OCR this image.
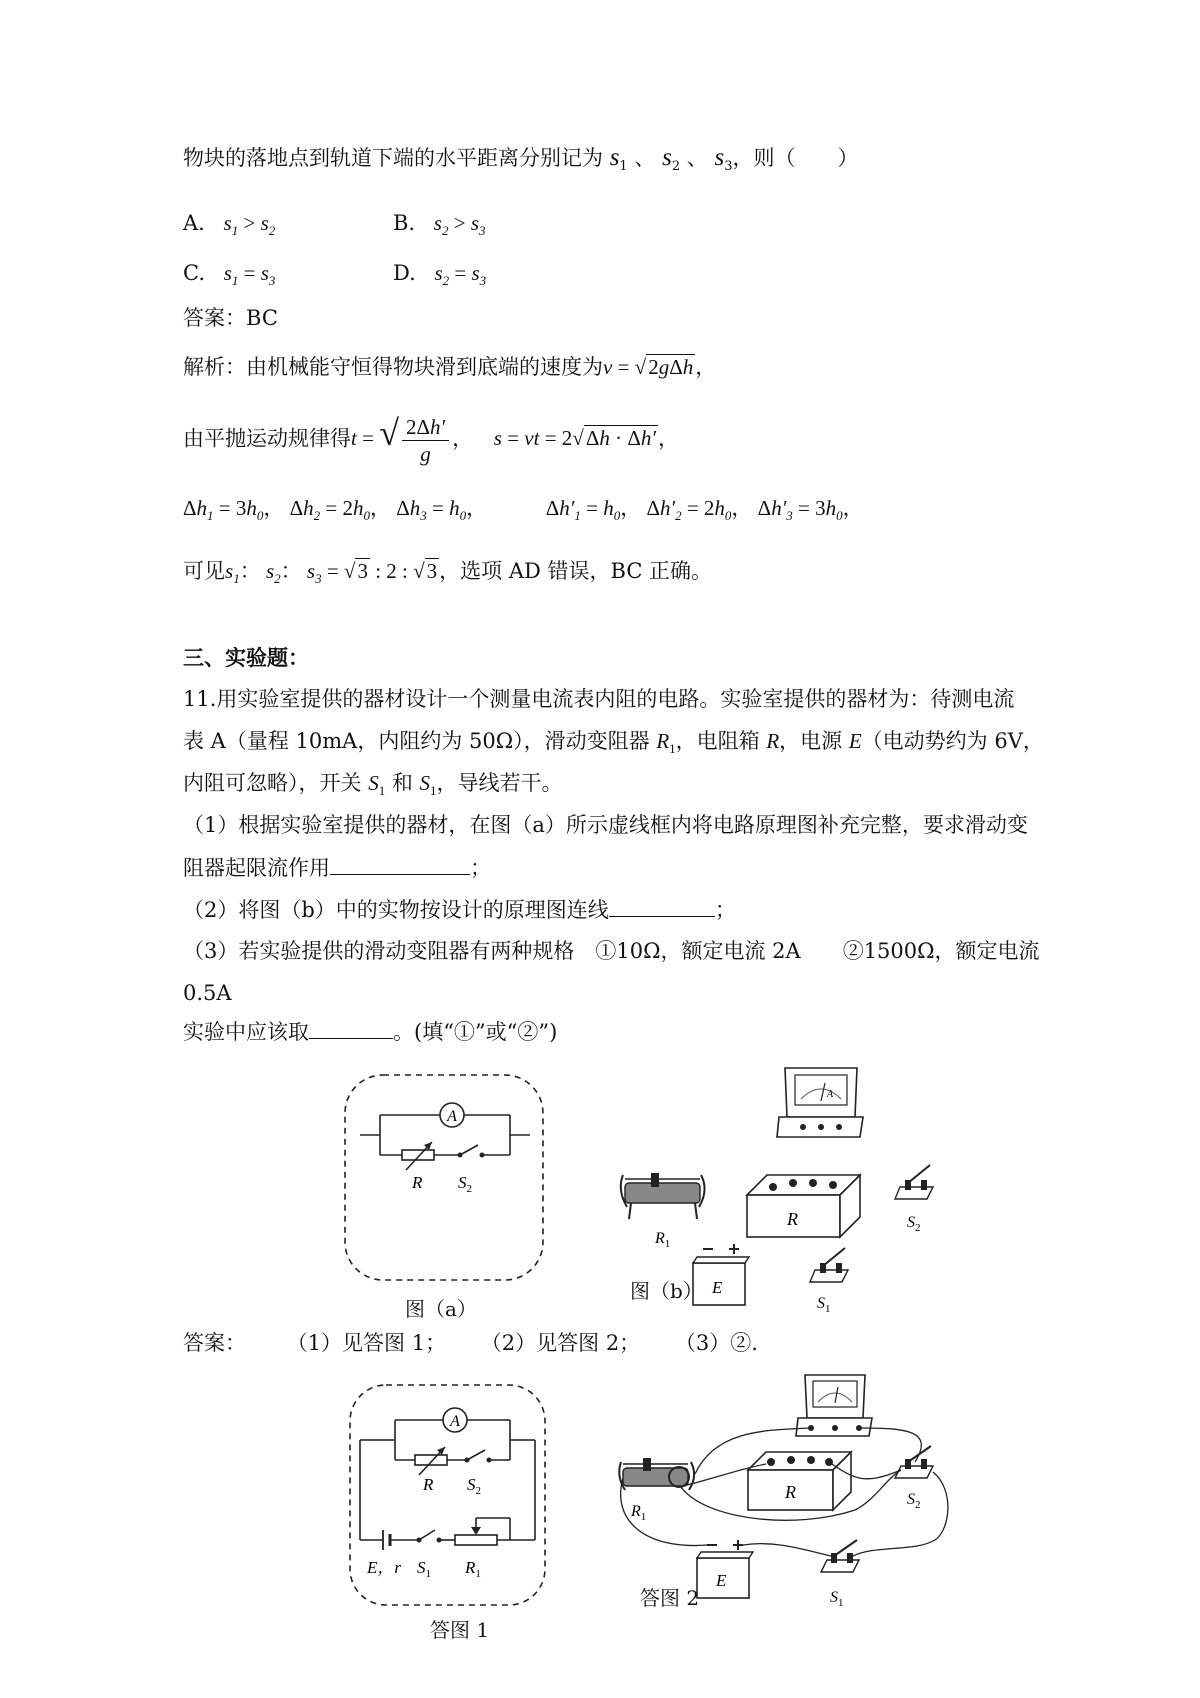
物块的落地点到轨道下端的水平距离分别记为 $s_1$ 、 $s_2$ 、 $s_3$，则（　　）
A. $s_1 > s_2$	B. $s_2 > s_3$
C. $s_1 = s_3$	D. $s_2 = s_3$
答案：BC
解析：由机械能守恒得物块滑到底端的速度为v = √2gΔh，
由平抛运动规律得t = √ $\frac{2\Delta h'}{g}$ ， s = vt = 2√Δh · Δh′，
$\Delta h_1 = 3h_0$， $\Delta h_2 = 2h_0$， $\Delta h_3 = h_0$，	$\Delta h'_1 = h_0$， $\Delta h'_2 = 2h_0$， $\Delta h'_3 = 3h_0$，
可见$s_1$： $s_2$： $s_3 = √3$ : 2 : √3，选项 AD 错误，BC 正确。
三、实验题：
11.用实验室提供的器材设计一个测量电流表内阻的电路。实验室提供的器材为：待测电流
表 A（量程 10mA，内阻约为 50Ω），滑动变阻器 $R_1$，电阻箱 R，电源 E（电动势约为 6V，
内阻可忽略），开关 $S_1$ 和 $S_1$，导线若干。
（1）根据实验室提供的器材，在图（a）所示虚线框内将电路原理图补充完整，要求滑动变
阻器起限流作用	；
（2）将图（b）中的实物按设计的原理图连线	；
（3）若实验提供的滑动变阻器有两种规格　①10Ω，额定电流 2A　　②1500Ω，额定电流
0.5A
实验中应该取	。(填“①”或“②”)
A
R $S_2$
图（a）
A
$R_1$
R	$S_2$
E
$S_1$
图（b）
答案： （1）见答图 1； （2）见答图 2； （3）②.
A
R $S_2$
E，r $S_1$ $R_1$
答图 1
$R_1$
R	$S_2$
E
$S_1$
答图 2
